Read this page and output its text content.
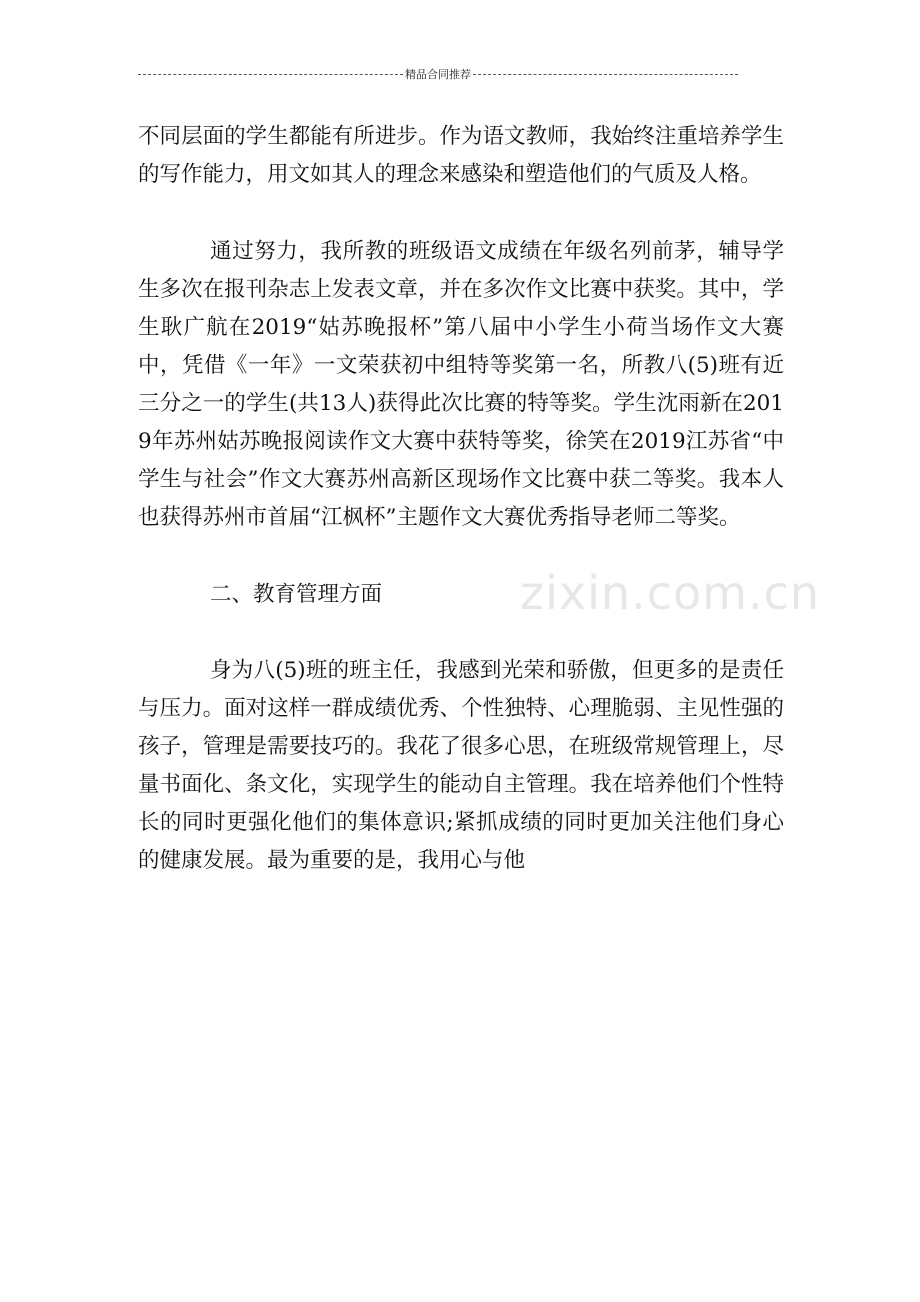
精品合同推荐

不同层面的学生都能有所进步。作为语文教师，我始终注重培养学生的写作能力，用文如其人的理念来感染和塑造他们的气质及人格。

通过努力，我所教的班级语文成绩在年级名列前茅，辅导学生多次在报刊杂志上发表文章，并在多次作文比赛中获奖。其中，学生耿广航在2019“姑苏晚报杯”第八届中小学生小荷当场作文大赛中，凭借《一年》一文荣获初中组特等奖第一名，所教八(5)班有近三分之一的学生(共13人)获得此次比赛的特等奖。学生沈雨新在2019年苏州姑苏晚报阅读作文大赛中获特等奖，徐笑在2019江苏省“中学生与社会”作文大赛苏州高新区现场作文比赛中获二等奖。我本人也获得苏州市首届“江枫杯”主题作文大赛优秀指导老师二等奖。

二、教育管理方面

身为八(5)班的班主任，我感到光荣和骄傲，但更多的是责任与压力。面对这样一群成绩优秀、个性独特、心理脆弱、主见性强的孩子，管理是需要技巧的。我花了很多心思，在班级常规管理上，尽量书面化、条文化，实现学生的能动自主管理。我在培养他们个性特长的同时更强化他们的集体意识;紧抓成绩的同时更加关注他们身心的健康发展。最为重要的是，我用心与他

zixin.com.cn
